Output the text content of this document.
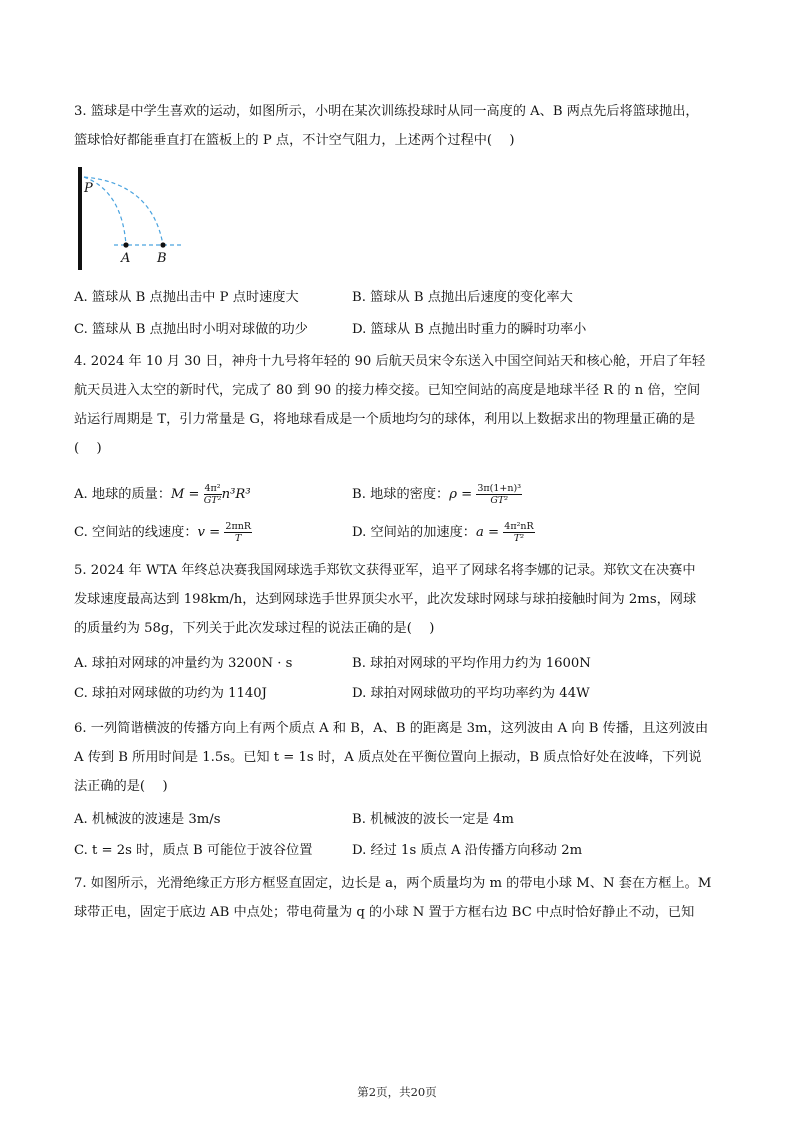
3. 篮球是中学生喜欢的运动，如图所示，小明在某次训练投球时从同一高度的 A、B 两点先后将篮球抛出，
篮球恰好都能垂直打在篮板上的 P 点，不计空气阻力，上述两个过程中(　 )
P
A B
A. 篮球从 B 点抛出击中 P 点时速度大	B. 篮球从 B 点抛出后速度的变化率大
C. 篮球从 B 点抛出时小明对球做的功少	D. 篮球从 B 点抛出时重力的瞬时功率小
4. 2024 年 10 月 30 日，神舟十九号将年轻的 90 后航天员宋令东送入中国空间站天和核心舱，开启了年轻
航天员进入太空的新时代，完成了 80 到 90 的接力棒交接。已知空间站的高度是地球半径 R 的 n 倍，空间
站运行周期是 T，引力常量是 G，将地球看成是一个质地均匀的球体，利用以上数据求出的物理量正确的是
(　 )
A. 地球的质量：$M = \frac{\text{4π²}}{\text{GT²}} n^3R^3$	B. 地球的密度：$\rho = \frac{\text{3π(1+n)³}}{\text{GT²}}$
C. 空间站的线速度：v = 2πnR
T	D. 空间站的加速度：$a = \frac{\text{4π²nR}}{\text{T²}}$
5. 2024 年 WTA 年终总决赛我国网球选手郑钦文获得亚军，追平了网球名将李娜的记录。郑钦文在决赛中
发球速度最高达到 198km/h，达到网球选手世界顶尖水平，此次发球时网球与球拍接触时间为 2ms，网球
的质量约为 58g，下列关于此次发球过程的说法正确的是(　 )
A. 球拍对网球的冲量约为 3200N · s	B. 球拍对网球的平均作用力约为 1600N
C. 球拍对网球做的功约为 1140J	D. 球拍对网球做功的平均功率约为 44W
6. 一列简谐横波的传播方向上有两个质点 A 和 B，A、B 的距离是 3m，这列波由 A 向 B 传播，且这列波由
A 传到 B 所用时间是 1.5s。已知 t = 1s 时，A 质点处在平衡位置向上振动，B 质点恰好处在波峰，下列说
法正确的是(　 )
A. 机械波的波速是 3m/s	B. 机械波的波长一定是 4m
C. t = 2s 时，质点 B 可能位于波谷位置	D. 经过 1s 质点 A 沿传播方向移动 2m
7. 如图所示，光滑绝缘正方形方框竖直固定，边长是 a，两个质量均为 m 的带电小球 M、N 套在方框上。M
球带正电，固定于底边 AB 中点处；带电荷量为 q 的小球 N 置于方框右边 BC 中点时恰好静止不动，已知
第2页，共20页
